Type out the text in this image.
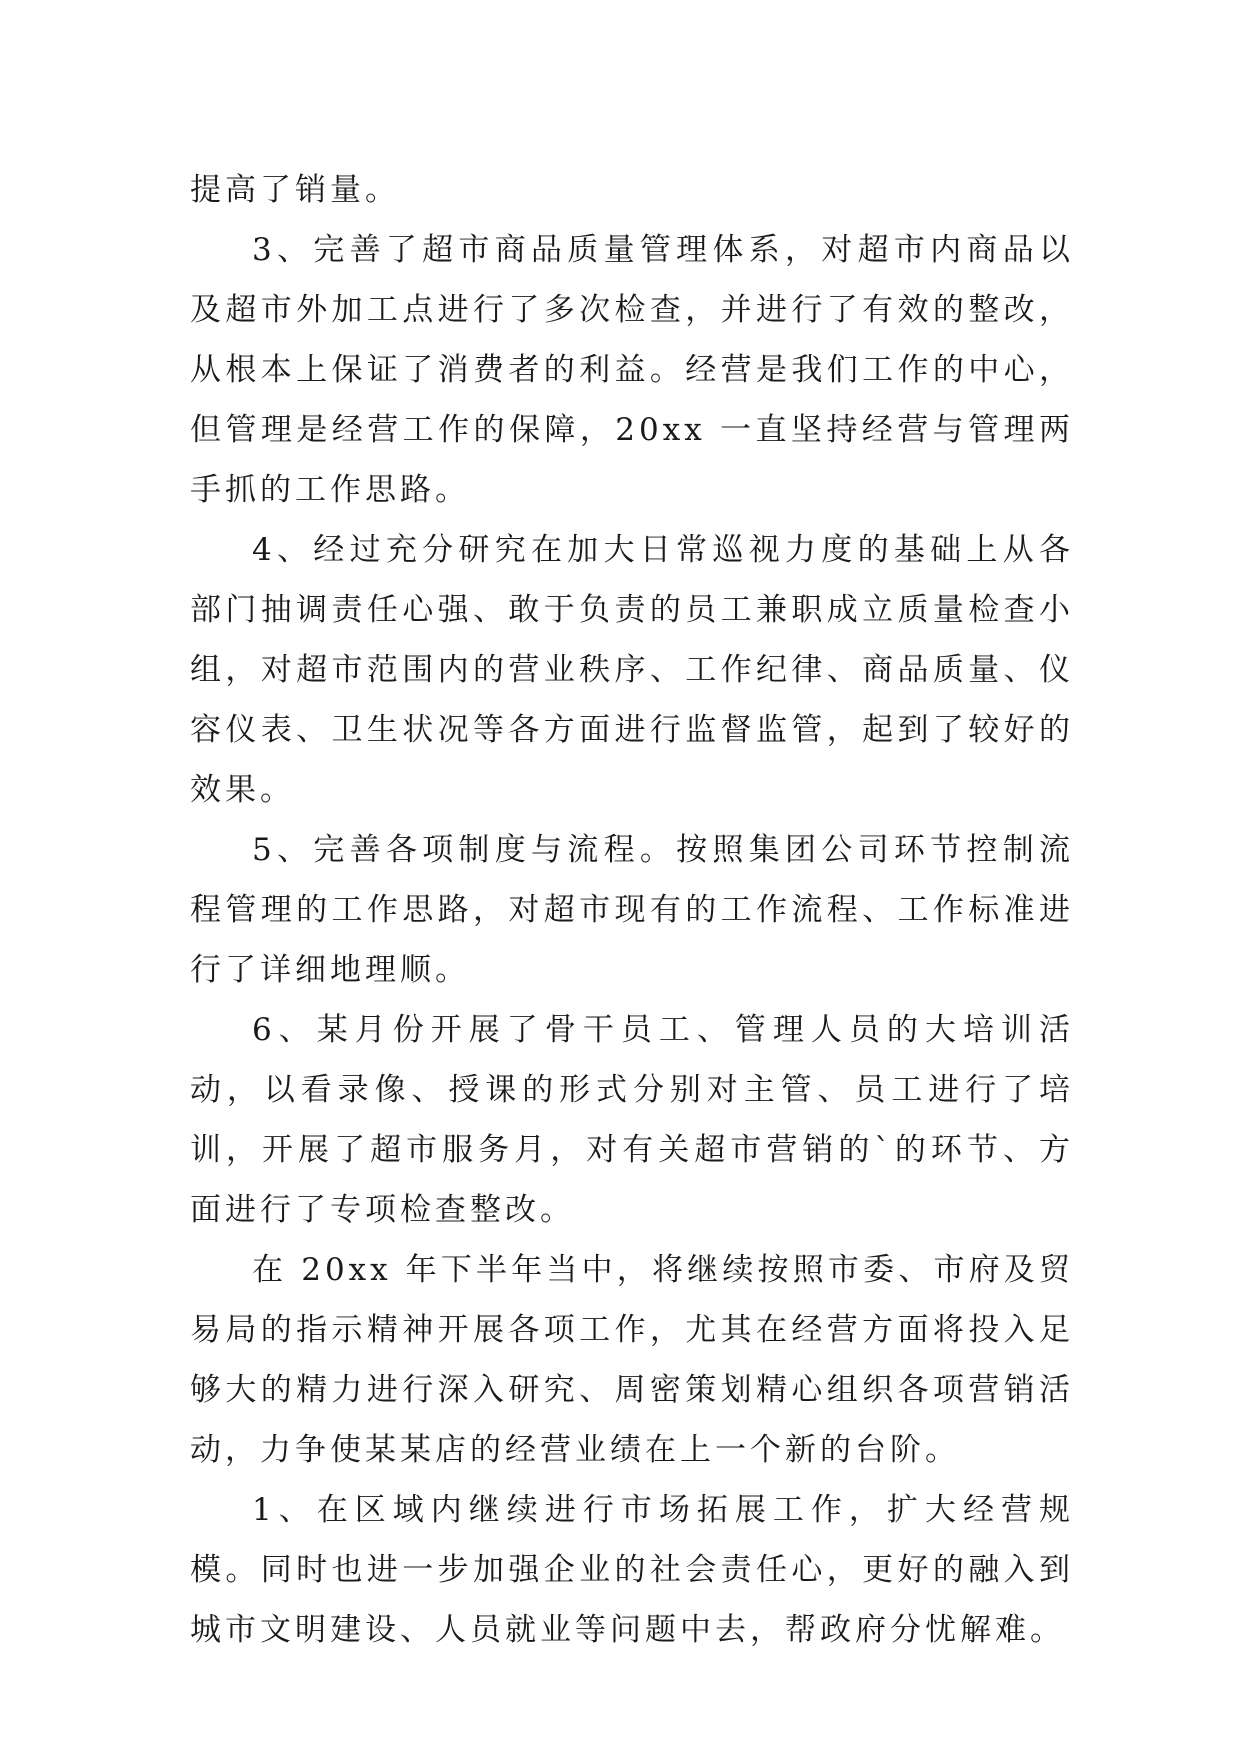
提高了销量。

3、完善了超市商品质量管理体系，对超市内商品以及超市外加工点进行了多次检查，并进行了有效的整改，从根本上保证了消费者的利益。经营是我们工作的中心，但管理是经营工作的保障，20xx 一直坚持经营与管理两手抓的工作思路。

4、经过充分研究在加大日常巡视力度的基础上从各部门抽调责任心强、敢于负责的员工兼职成立质量检查小组，对超市范围内的营业秩序、工作纪律、商品质量、仪容仪表、卫生状况等各方面进行监督监管，起到了较好的效果。

5、完善各项制度与流程。按照集团公司环节控制流程管理的工作思路，对超市现有的工作流程、工作标准进行了详细地理顺。

6、某月份开展了骨干员工、管理人员的大培训活动，以看录像、授课的形式分别对主管、员工进行了培训，开展了超市服务月，对有关超市营销的`的环节、方面进行了专项检查整改。

在 20xx 年下半年当中，将继续按照市委、市府及贸易局的指示精神开展各项工作，尤其在经营方面将投入足够大的精力进行深入研究、周密策划精心组织各项营销活动，力争使某某店的经营业绩在上一个新的台阶。

1、在区域内继续进行市场拓展工作，扩大经营规模。同时也进一步加强企业的社会责任心，更好的融入到城市文明建设、人员就业等问题中去，帮政府分忧解难。
